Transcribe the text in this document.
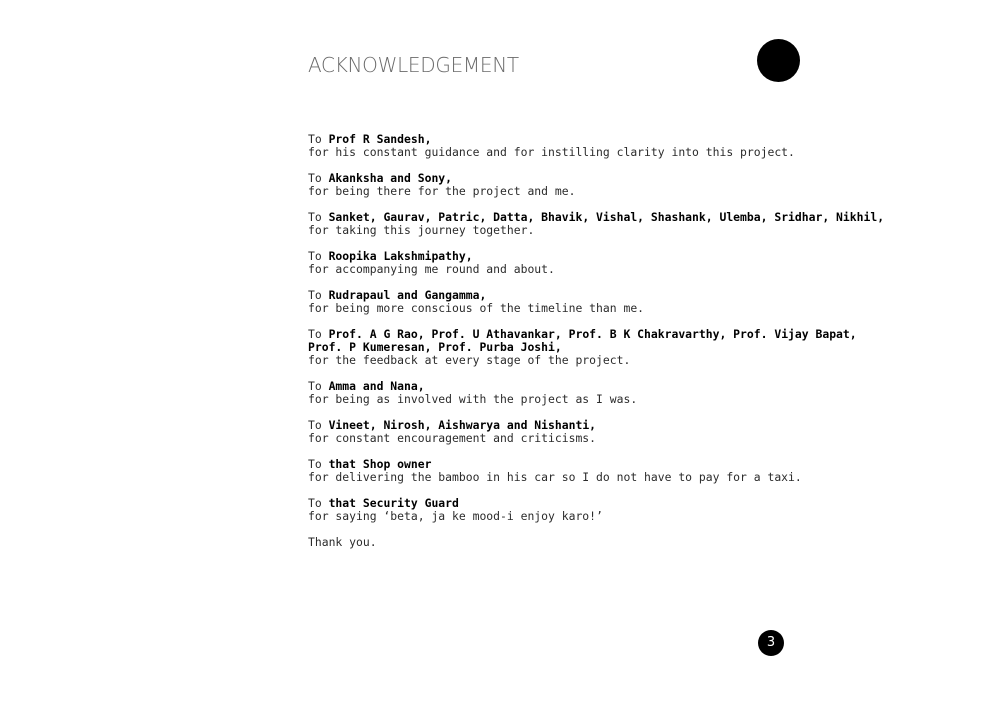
ACKNOWLEDGEMENT
To Prof R Sandesh,
for his constant guidance and for instilling clarity into this project.
To Akanksha and Sony,
for being there for the project and me.
To Sanket, Gaurav, Patric, Datta, Bhavik, Vishal, Shashank, Ulemba, Sridhar, Nikhil,
for taking this journey together.
To Roopika Lakshmipathy,
for accompanying me round and about.
To Rudrapaul and Gangamma,
for being more conscious of the timeline than me.
To Prof. A G Rao, Prof. U Athavankar, Prof. B K Chakravarthy, Prof. Vijay Bapat,
Prof. P Kumeresan, Prof. Purba Joshi,
for the feedback at every stage of the project.
To Amma and Nana,
for being as involved with the project as I was.
To Vineet, Nirosh, Aishwarya and Nishanti,
for constant encouragement and criticisms.
To that Shop owner
for delivering the bamboo in his car so I do not have to pay for a taxi.
To that Security Guard
for saying ‘beta, ja ke mood-i enjoy karo!’
Thank you.
3
